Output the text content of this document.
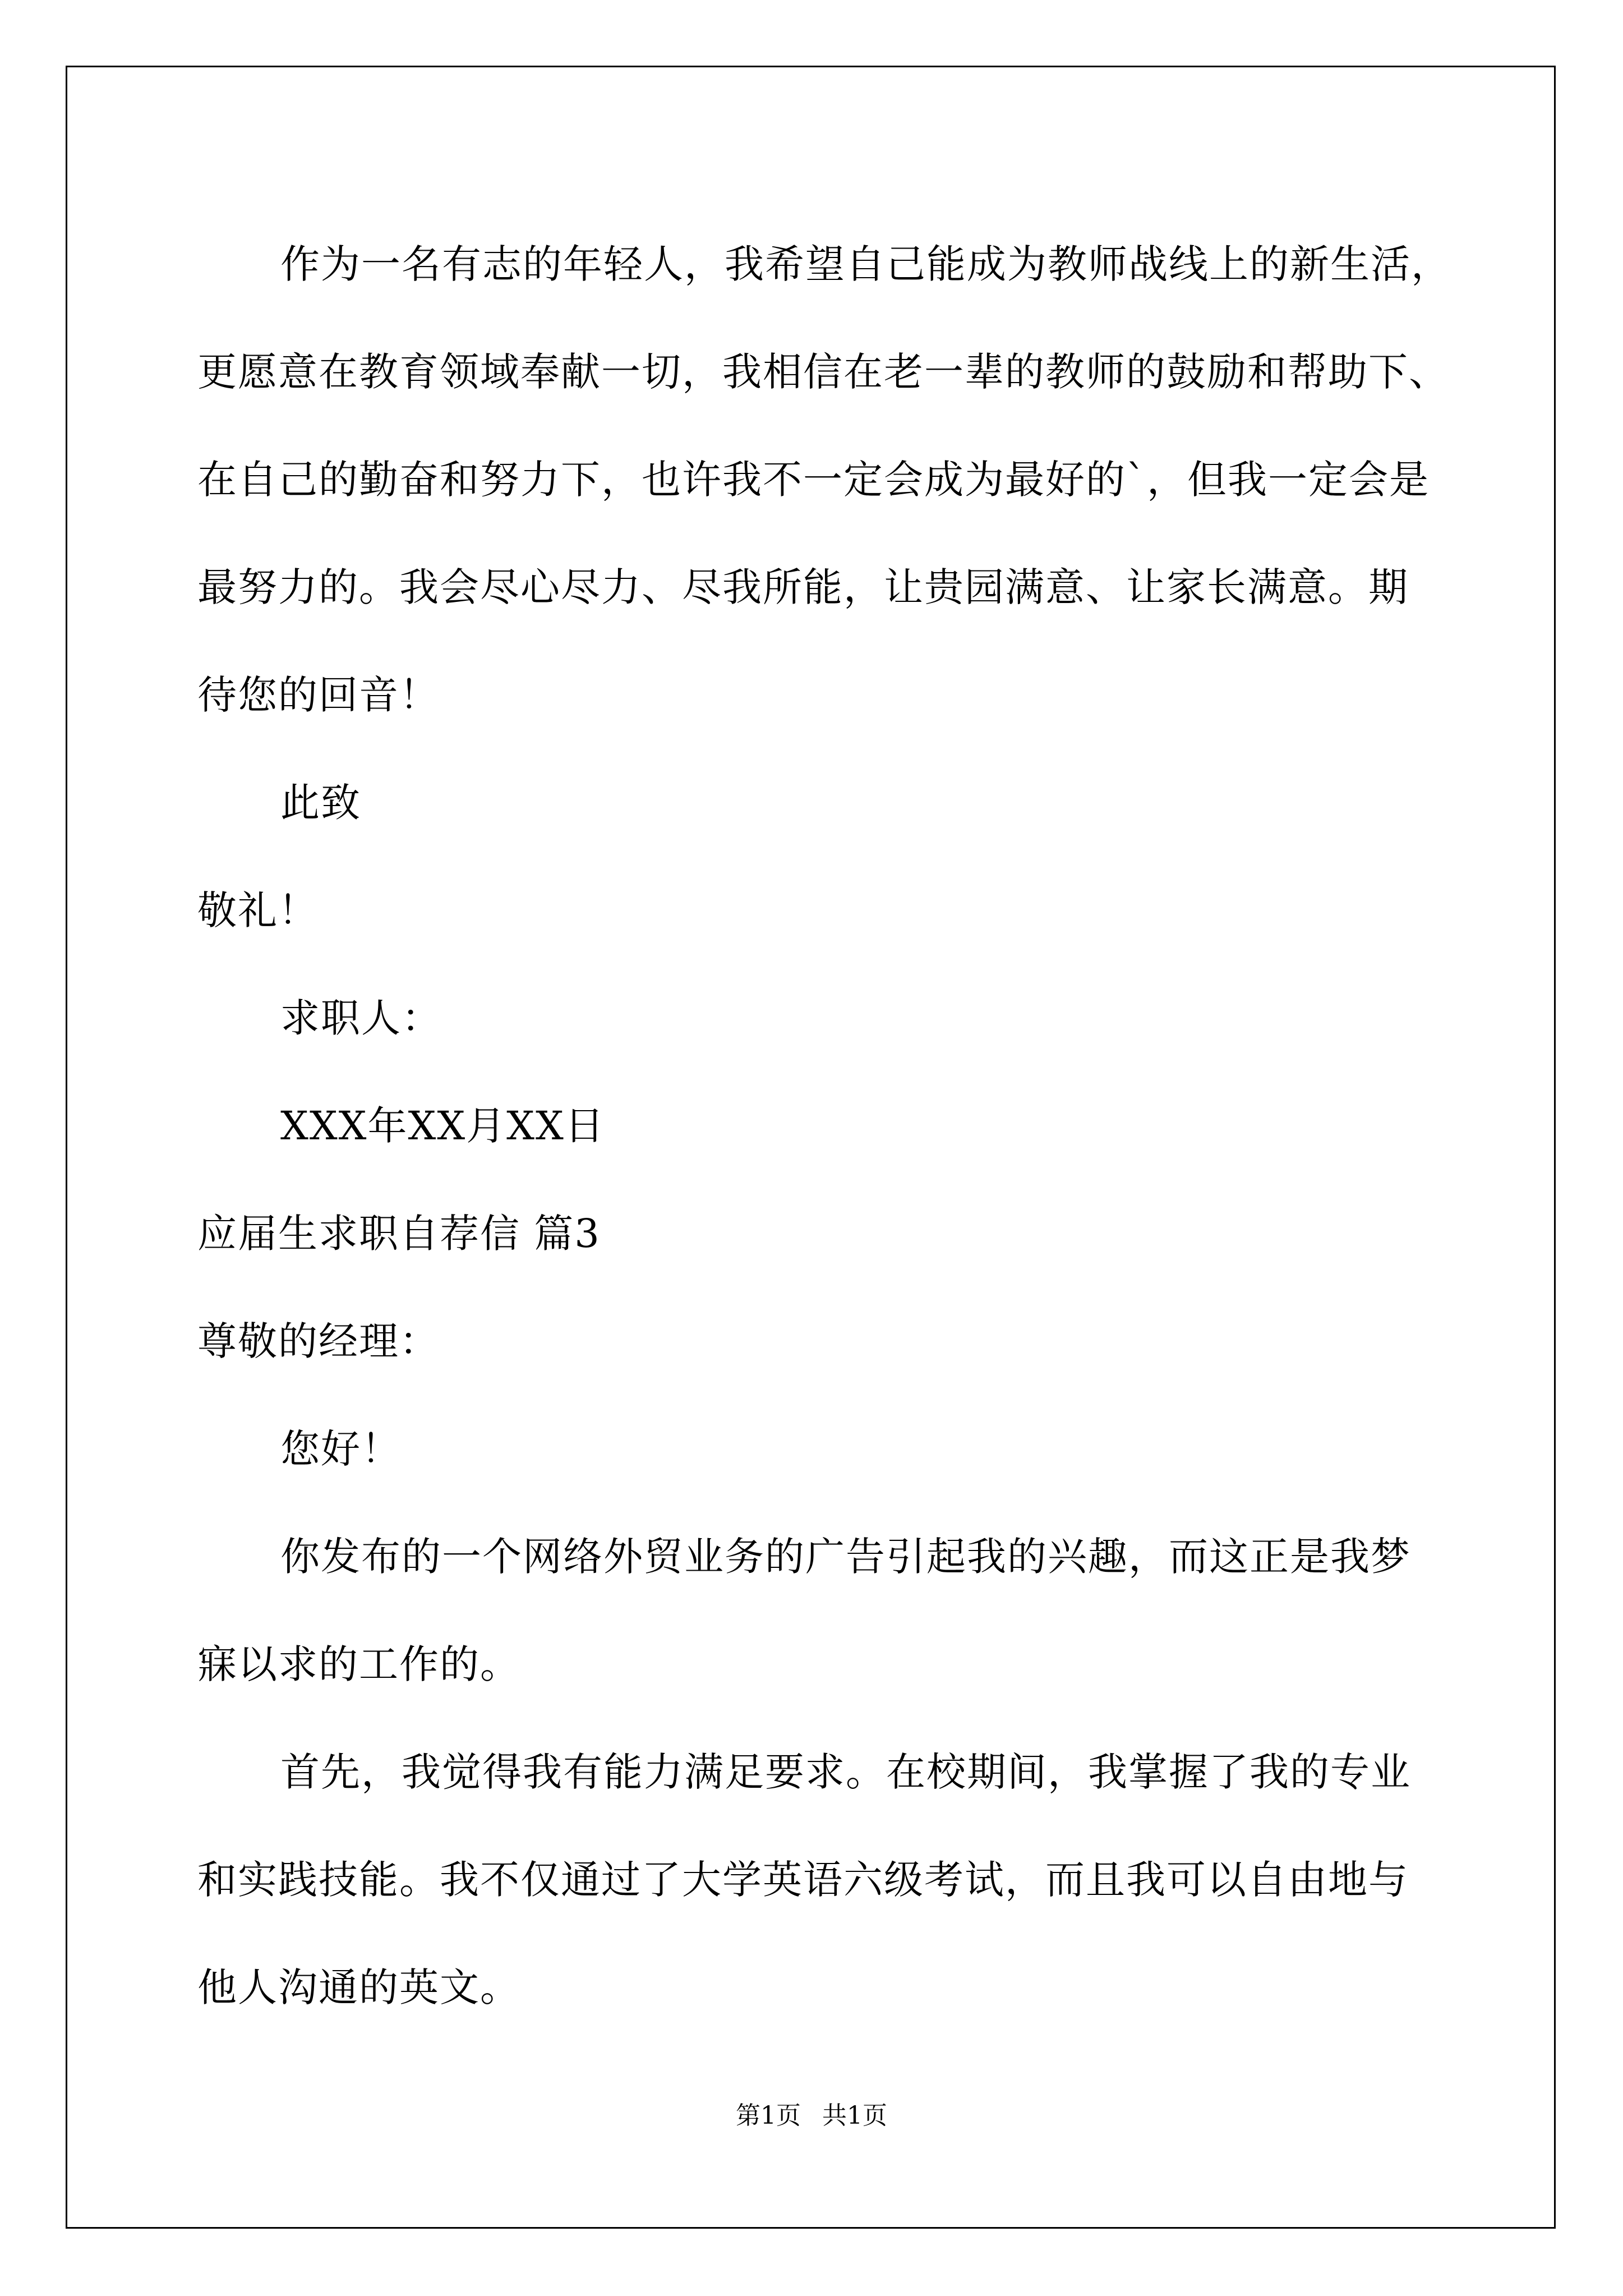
作为一名有志的年轻人，我希望自己能成为教师战线上的新生活，
更愿意在教育领域奉献一切，我相信在老一辈的教师的鼓励和帮助下、
在自己的勤奋和努力下，也许我不一定会成为最好的`，但我一定会是
最努力的。我会尽心尽力、尽我所能，让贵园满意、让家长满意。期
待您的回音！
此致
敬礼！
求职人：
XXX年XX月XX日
应届生求职自荐信 篇3
尊敬的经理：
您好！
你发布的一个网络外贸业务的广告引起我的兴趣，而这正是我梦
寐以求的工作的。
首先，我觉得我有能力满足要求。在校期间，我掌握了我的专业
和实践技能。我不仅通过了大学英语六级考试，而且我可以自由地与
他人沟通的英文。
第1页 共1页
